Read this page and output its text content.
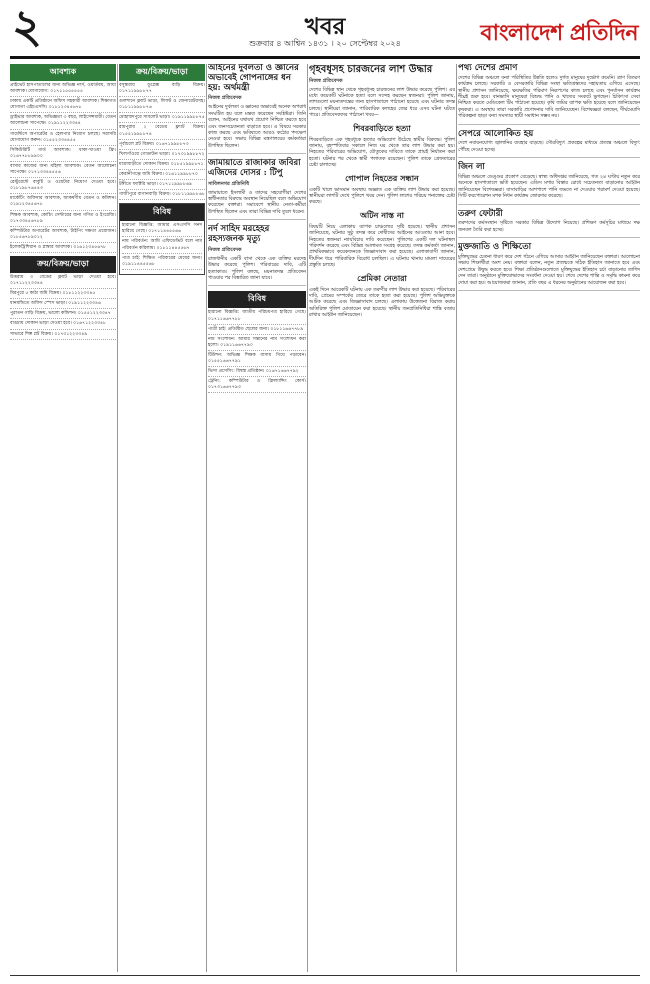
২	খবর
শুক্রবার ৪ আশ্বিন ১৪৩১ । ২০ সেপ্টেম্বর ২০২৪	বাংলাদেশ প্রতিদিন
আবশ্যক

প্রাইভেট হাসপাতালের জন্য অভিজ্ঞ নার্স, ওয়ার্ডবয়, আয়া আবশ্যক। যোগাযোগ: ০১৭১১৫৫৫৫৫৫

ঢাকায় একটি প্রতিষ্ঠানে অফিস সহকারী আবশ্যক। শিক্ষাগত যোগ্যতা এইচএসসি। ০১৮১২৩৪৫৬৭৮

ড্রাইভার আবশ্যক, অভিজ্ঞতা ৩ বছর, লাইসেন্সধারী। বেতন আলোচনা সাপেক্ষে। ০১৯১১২২৩৩৪৪

গার্মেন্টসে অপারেটর ও হেলপার নিয়োগ চলছে। সরাসরি যোগাযোগ করুন। ০১৫৫২৩৩৪৪৫৫

সিকিউরিটি গার্ড আবশ্যক। থাকা-খাওয়া ফ্রি। ০১৬৭৭৮৮৯৯০০

বাসার কাজের জন্য মহিলা আবশ্যক। বেতন আলোচনা সাপেক্ষে। ০১৭১৩৩৪৪৫৫৬

রেস্টুরেন্টে বাবুর্চি ও ওয়েটার নিয়োগ দেওয়া হবে। ০১৮১৯৮৭৬৫৪৩

মার্কেটিং অফিসার আবশ্যক, আকর্ষণীয় বেতন ও কমিশন। ০১৯১২৩৪৫৬৭৮

শিক্ষক আবশ্যক, কোচিং সেন্টারের জন্য গণিত ও ইংরেজি। ০১৭৩৩৪৫৬৭৮৯

কম্পিউটার অপারেটর আবশ্যক, টাইপিং দক্ষতা প্রয়োজন। ০১৮৫৬৭৮৯০১২

ইলেকট্রিশিয়ান ও প্লাম্বার আবশ্যক। ০১৬১২৩৪৫৬৭৮

ক্রয়/বিক্রয়/ভাড়া

উত্তরায় ৩ বেডের ফ্ল্যাট ভাড়া দেওয়া হবে। ০১৭১১২২৩৩৪৪

মিরপুরে ৫ কাঠা জমি বিক্রয়। ০১৮১১২২৩৩৪৫

ধানমন্ডিতে অফিস স্পেস ভাড়া। ০১৯১১২২৩৩৪৬

পুরাতন গাড়ি বিক্রয়, ভালো কন্ডিশন। ০১৫৫১২২৩৩৪৭

বাড্ডায় দোকান ভাড়া দেওয়া হবে। ০১৬৭১২২৩৩৪৮

সাভারে শিল্প প্লট বিক্রয়। ০১৭৩১২২৩৩৪৯

ক্রয়/বিক্রয়/ভাড়া

বসুন্ধরায় ডুপ্লেক্স বাড়ি বিক্রয়। ০১৭১১৯৯৮৮৭৭

গুলশানে ফ্ল্যাট ভাড়া, লিফট ও জেনারেটরসহ। ০১৮১১৯৯৮৮৭৬

মোহাম্মদপুরে সাবলেট ভাড়া। ০১৯১১৯৯৮৮৭৫

রামপুরায় ২ বেডের ফ্ল্যাট বিক্রয়। ০১৫৫১৯৯৮৮৭৪

পূর্বাচলে প্লট বিক্রয়। ০১৬৭১৯৯৮৮৭৩

খিলগাঁওয়ে গোডাউন ভাড়া। ০১৭৩১৯৯৮৮৭২

যাত্রাবাড়ীতে দোকান বিক্রয়। ০১৮৫১৯৯৮৮৭১

কেরানীগঞ্জে জমি বিক্রয়। ০১৬১১৯৯৮৮৭০

টঙ্গীতে ফ্যাক্টরি ভাড়া। ০১৭১১৯৯৮৮৬৯

গাজীপুরে বাগানবাড়ি বিক্রয়। ০১৮১১৯৯৮৮৬৮

বিবিধ

হারানো বিজ্ঞপ্তি: আমার এসএসসি সনদ হারিয়ে গেছে। ০১৭১১৪৪৫৫৬৬

নাম পরিবর্তন: আমি এফিডেভিট বলে নাম পরিবর্তন করিলাম। ০১৮১১৪৪৫৫৬৭

পাত্র চাই: শিক্ষিত পরিবারের মেয়ের জন্য। ০১৯১১৪৪৫৫৬৮

আইনের দুর্বলতা ও জ্ঞানের অভাবেই গোপনাঙ্গের ধন হয়: অর্থমন্ত্রী
নিজস্ব প্রতিবেদক

আইনের দুর্বলতা ও জ্ঞানের অভাবেই অনেক অপরাধ সংঘটিত হয় বলে মন্তব্য করেছেন সংশ্লিষ্টরা। তিনি বলেন, আইনের যথাযথ প্রয়োগ নিশ্চিত করতে হবে এবং জনসচেতনতা বাড়াতে হবে। এ বিষয়ে সরকার কাজ করছে এবং ভবিষ্যতে আরও কঠোর পদক্ষেপ নেওয়া হবে। সভায় বিভিন্ন মন্ত্রণালয়ের কর্মকর্তারা উপস্থিত ছিলেন।

জামায়াতে রাজাকার জবিরা এজিদের দোসর : টিপু
সাবিলনগর প্রতিনিধি

জামায়াতে ইসলামী ও তাদের সহযোগীরা দেশের স্বাধীনতার বিরুদ্ধে অবস্থান নিয়েছিল বলে অভিযোগ করেছেন বক্তারা। সমাবেশে স্থানীয় নেতা-কর্মীরা উপস্থিত ছিলেন এবং তারা বিভিন্ন দাবি তুলে ধরেন।

নর্দ সাহিদ মরহেহর রহস্যজনক মৃত্যু
নিজস্ব প্রতিবেদক

রাজধানীর একটি বাসা থেকে এক ব্যক্তির মরদেহ উদ্ধার করেছে পুলিশ। পরিবারের দাবি, এটি হত্যাকাণ্ড। পুলিশ বলছে, ময়নাতদন্ত প্রতিবেদন পাওয়ার পর বিস্তারিত জানা যাবে।

বিবিধ

হারানো বিজ্ঞপ্তি: জাতীয় পরিচয়পত্র হারিয়ে গেছে। ০১৭১১৬৬৭৭৮৮

পাত্রী চাই: প্রতিষ্ঠিত ছেলের জন্য। ০১৮১১৬৬৭৭৮৯

নাম সংশোধন: আমার সন্তানের নাম সংশোধন করা হলো। ০১৯১১৬৬৭৭৯০

টিউশন: অভিজ্ঞ শিক্ষক বাসায় গিয়ে পড়াবেন। ০১৫৫১৬৬৭৭৯১

ভিসা প্রসেসিং: বিশ্বস্ত প্রতিষ্ঠান। ০১৬৭১৬৬৭৭৯২

ট্রেনিং: কম্পিউটার ও ফ্রিল্যান্সিং কোর্স। ০১৭৩১৬৬৭৭৯৩

গৃহবধূসহ চারজনের লাশ উদ্ধার
নিজস্ব প্রতিবেদক

দেশের বিভিন্ন স্থান থেকে গৃহবধূসহ চারজনের লাশ উদ্ধার করেছে পুলিশ। এর মধ্যে কয়েকটি ঘটনাকে হত্যা বলে সন্দেহ করছেন স্বজনরা। পুলিশ জানায়, লাশগুলো ময়নাতদন্তের জন্য হাসপাতালে পাঠানো হয়েছে এবং ঘটনার তদন্ত চলছে। স্থানীয়রা জানান, পারিবারিক কলহের জের ধরে এসব ঘটনা ঘটতে পারে। প্রতিবেদকদের পাঠানো খবর—

শিবরবাড়িতে হত্যা

শিবরবাড়িতে এক গৃহবধূকে হত্যার অভিযোগ উঠেছে স্বামীর বিরুদ্ধে। পুলিশ জানায়, বৃহস্পতিবার সকালে নিজ ঘর থেকে তার লাশ উদ্ধার করা হয়। নিহতের পরিবারের অভিযোগ, যৌতুকের দাবিতে তাকে প্রায়ই নির্যাতন করা হতো। ঘটনার পর থেকে স্বামী পলাতক রয়েছেন। পুলিশ তাকে গ্রেফতারের চেষ্টা চালাচ্ছে।

গোপাল নিহতের সন্ধান

একটি খালে ভাসমান অবস্থায় অজ্ঞাত এক ব্যক্তির লাশ উদ্ধার করা হয়েছে। স্থানীয়রা লাশটি দেখে পুলিশে খবর দেন। পুলিশ লাশের পরিচয় শনাক্তের চেষ্টা করছে।

অটিন নাস্ত না

বিষয়টি নিয়ে এলাকায় ব্যাপক চাঞ্চল্যের সৃষ্টি হয়েছে। স্থানীয় প্রশাসন জানিয়েছে, ঘটনার সুষ্ঠু তদন্ত করে দোষীদের আইনের আওতায় আনা হবে। নিহতের স্বজনরা ন্যায়বিচার দাবি করেছেন। পুলিশের একটি দল ঘটনাস্থল পরিদর্শন করেছে এবং বিভিন্ন আলামত সংগ্রহ করেছে। তদন্ত কর্মকর্তা জানান, প্রাথমিকভাবে কয়েকজনকে জিজ্ঞাসাবাদ করা হয়েছে। এলাকাবাসী জানান, দীর্ঘদিন ধরে পারিবারিক বিরোধ চলছিল। এ ঘটনায় থানায় মামলা দায়েরের প্রস্তুতি চলছে।

প্রেমিকা নেতারা

একই দিনে আরেকটি ঘটনায় এক তরুণীর লাশ উদ্ধার করা হয়েছে। পরিবারের দাবি, প্রেমের সম্পর্কের জেরে তাকে হত্যা করা হয়েছে। পুলিশ অভিযুক্তকে আটক করেছে এবং জিজ্ঞাসাবাদ চলছে। এলাকায় উত্তেজনা বিরাজ করায় অতিরিক্ত পুলিশ মোতায়েন করা হয়েছে। স্থানীয় জনপ্রতিনিধিরা শান্তি বজায় রাখার আহ্বান জানিয়েছেন।

পথ্য দেশের প্রমাণ

দেশের বিভিন্ন অঞ্চলে বন্যা পরিস্থিতির উন্নতি হলেও দুর্গত মানুষের দুর্ভোগ কমেনি। ত্রাণ বিতরণ কার্যক্রম চলছে। সরকারি ও বেসরকারি বিভিন্ন সংস্থা ক্ষতিগ্রস্তদের সহায়তায় এগিয়ে এসেছে। স্থানীয় প্রশাসন জানিয়েছে, ক্ষয়ক্ষতির পরিমাণ নিরূপণের কাজ চলছে এবং পুনর্বাসন কার্যক্রম শীঘ্রই শুরু হবে। বানভাসি মানুষেরা বিশুদ্ধ পানি ও খাদ্যের সংকটে ভুগছেন। চিকিৎসা সেবা নিশ্চিত করতে মেডিকেল টিম পাঠানো হয়েছে। কৃষি জমির ব্যাপক ক্ষতি হয়েছে বলে জানিয়েছেন কৃষকরা। এ অবস্থায় তারা সরকারি প্রণোদনার দাবি জানিয়েছেন। বিশেষজ্ঞরা বলছেন, দীর্ঘমেয়াদি পরিকল্পনা ছাড়া বন্যা সমস্যার স্থায়ী সমাধান সম্ভব নয়।

সেপরে আলোকিত হয়

দেশে নবায়নযোগ্য জ্বালানির ব্যবহার বাড়ছে। সৌরবিদ্যুৎ প্রকল্পের মাধ্যমে প্রত্যন্ত অঞ্চলে বিদ্যুৎ পৌঁছে দেওয়া হচ্ছে।

জিন লা

বিভিন্ন অঞ্চলে ডেঙ্গুর প্রকোপ বেড়েছে। স্বাস্থ্য অধিদপ্তর জানিয়েছে, গত ২৪ ঘণ্টায় নতুন করে অনেকে হাসপাতালে ভর্তি হয়েছেন। এডিস মশার বিস্তার রোধে সচেতনতা বাড়ানোর আহ্বান জানিয়েছেন বিশেষজ্ঞরা। বাসাবাড়ির আশপাশে পানি জমতে না দেওয়ার পরামর্শ দেওয়া হয়েছে। সিটি করপোরেশন মশক নিধন কার্যক্রম জোরদার করেছে।

তরুণ ফেটারী

তরুণদের কর্মসংস্থান সৃষ্টিতে সরকার বিভিন্ন উদ্যোগ নিয়েছে। প্রশিক্ষণ কর্মসূচির মাধ্যমে দক্ষ জনবল তৈরি করা হচ্ছে।

মুক্তজাতি ও শিক্ষিতো

মুক্তিযুদ্ধের চেতনা ধারণ করে দেশ গঠনে এগিয়ে আসার আহ্বান জানিয়েছেন বক্তারা। আলোচনা সভায় শিক্ষার্থীরা অংশ নেয়। বক্তারা বলেন, নতুন প্রজন্মকে সঠিক ইতিহাস জানাতে হবে এবং দেশপ্রেমে উদ্বুদ্ধ করতে হবে। শিক্ষা প্রতিষ্ঠানগুলোতে মুক্তিযুদ্ধের ইতিহাস চর্চা বাড়ানোর তাগিদ দেন তারা। অনুষ্ঠানে মুক্তিযোদ্ধাদের সংবর্ধনা দেওয়া হয়। শেষে দেশের শান্তি ও সমৃদ্ধি কামনা করে দোয়া করা হয়। আয়োজকরা জানান, প্রতি বছর এ ধরনের অনুষ্ঠানের আয়োজন করা হবে।
